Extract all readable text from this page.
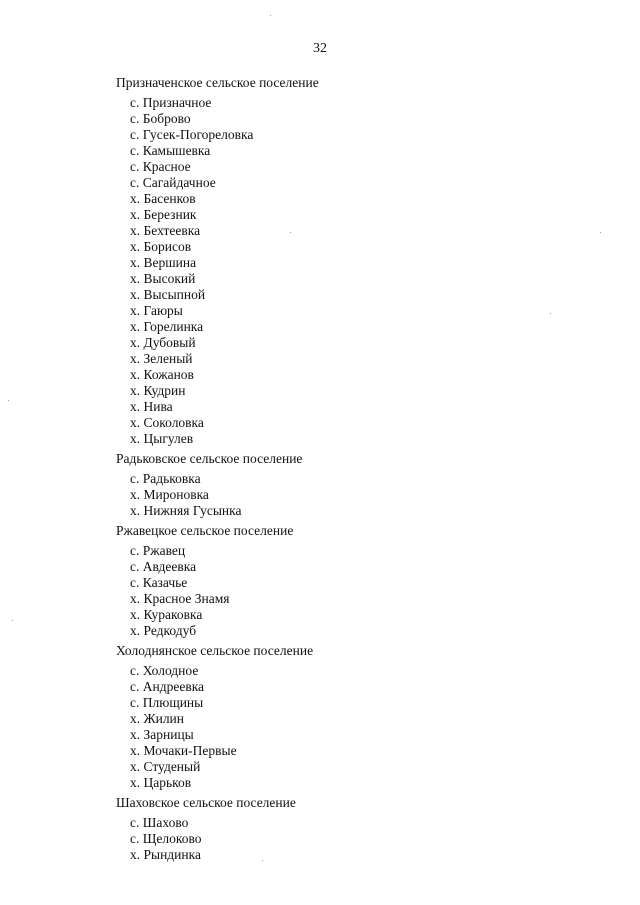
32
Призначенское сельское поселение
с. Призначное
с. Боброво
с. Гусек-Погореловка
с. Камышевка
с. Красное
с. Сагайдачное
х. Басенков
х. Березник
х. Бехтеевка
х. Борисов
х. Вершина
х. Высокий
х. Высыпной
х. Гаюры
х. Горелинка
х. Дубовый
х. Зеленый
х. Кожанов
х. Кудрин
х. Нива
х. Соколовка
х. Цыгулев
Радьковское сельское поселение
с. Радьковка
х. Мироновка
х. Нижняя Гусынка
Ржавецкое сельское поселение
с. Ржавец
с. Авдеевка
с. Казачье
х. Красное Знамя
х. Кураковка
х. Редкодуб
Холоднянское сельское поселение
с. Холодное
с. Андреевка
с. Плющины
х. Жилин
х. Зарницы
х. Мочаки-Первые
х. Студеный
х. Царьков
Шаховское сельское поселение
с. Шахово
с. Щелоково
х. Рындинка
